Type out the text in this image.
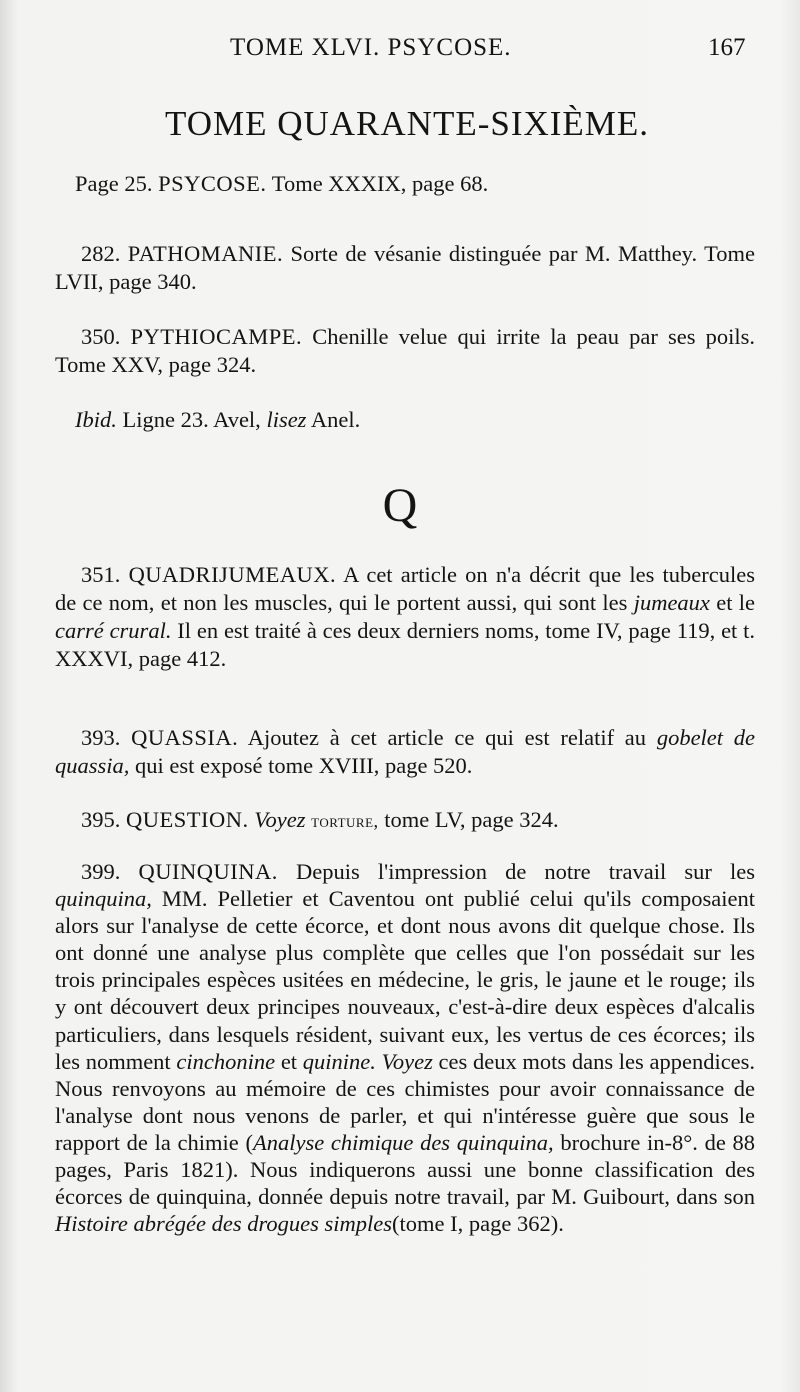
TOME XLVI. PSYCOSE.	167
TOME QUARANTE-SIXIÈME.

Page 25. PSYCOSE. Tome XXXIX, page 68.

282. PATHOMANIE. Sorte de vésanie distinguée par M. Matthey. Tome LVII, page 340.

350. PYTHIOCAMPE. Chenille velue qui irrite la peau par ses poils. Tome XXV, page 324.

Ibid. Ligne 23. Avel, lisez Anel.

Q

351. QUADRIJUMEAUX. A cet article on n'a décrit que les tubercules de ce nom, et non les muscles, qui le portent aussi, qui sont les jumeaux et le carré crural. Il en est traité à ces deux derniers noms, tome IV, page 119, et t. XXXVI, page 412.

393. QUASSIA. Ajoutez à cet article ce qui est relatif au gobelet de quassia, qui est exposé tome XVIII, page 520.

395. QUESTION. Voyez torture, tome LV, page 324.

399. QUINQUINA. Depuis l'impression de notre travail sur les quinquina, MM. Pelletier et Caventou ont publié celui qu'ils composaient alors sur l'analyse de cette écorce, et dont nous avons dit quelque chose. Ils ont donné une analyse plus complète que celles que l'on possédait sur les trois principales espèces usitées en médecine, le gris, le jaune et le rouge; ils y ont découvert deux principes nouveaux, c'est-à-dire deux espèces d'alcalis particuliers, dans lesquels résident, suivant eux, les vertus de ces écorces; ils les nomment cinchonine et quinine. Voyez ces deux mots dans les appendices. Nous renvoyons au mémoire de ces chimistes pour avoir connaissance de l'analyse dont nous venons de parler, et qui n'intéresse guère que sous le rapport de la chimie (Analyse chimique des quinquina, brochure in-8°. de 88 pages, Paris 1821). Nous indiquerons aussi une bonne classification des écorces de quinquina, donnée depuis notre travail, par M. Guibourt, dans son Histoire abrégée des drogues simples(tome I, page 362).
